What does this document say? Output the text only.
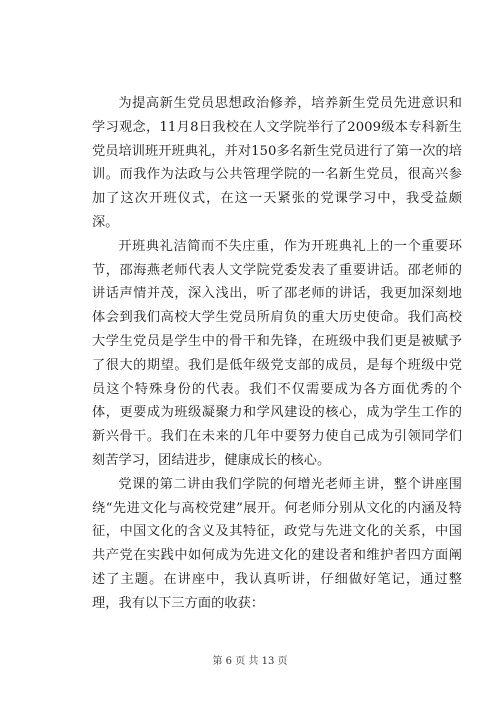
为提高新生党员思想政治修养，培养新生党员先进意识和学习观念，11月8日我校在人文学院举行了2009级本专科新生党员培训班开班典礼，并对150多名新生党员进行了第一次的培训。而我作为法政与公共管理学院的一名新生党员，很高兴参加了这次开班仪式，在这一天紧张的党课学习中，我受益颇深。

开班典礼洁简而不失庄重，作为开班典礼上的一个重要环节，邵海燕老师代表人文学院党委发表了重要讲话。邵老师的讲话声情并茂，深入浅出，听了邵老师的讲话，我更加深刻地体会到我们高校大学生党员所肩负的重大历史使命。我们高校大学生党员是学生中的骨干和先锋，在班级中我们更是被赋予了很大的期望。我们是低年级党支部的成员，是每个班级中党员这个特殊身份的代表。我们不仅需要成为各方面优秀的个体，更要成为班级凝聚力和学风建设的核心，成为学生工作的新兴骨干。我们在未来的几年中要努力使自己成为引领同学们刻苦学习，团结进步，健康成长的核心。

党课的第二讲由我们学院的何增光老师主讲，整个讲座围绕“先进文化与高校党建”展开。何老师分别从文化的内涵及特征，中国文化的含义及其特征，政党与先进文化的关系，中国共产党在实践中如何成为先进文化的建设者和维护者四方面阐述了主题。在讲座中，我认真听讲，仔细做好笔记，通过整理，我有以下三方面的收获：

第 6 页 共 13 页
